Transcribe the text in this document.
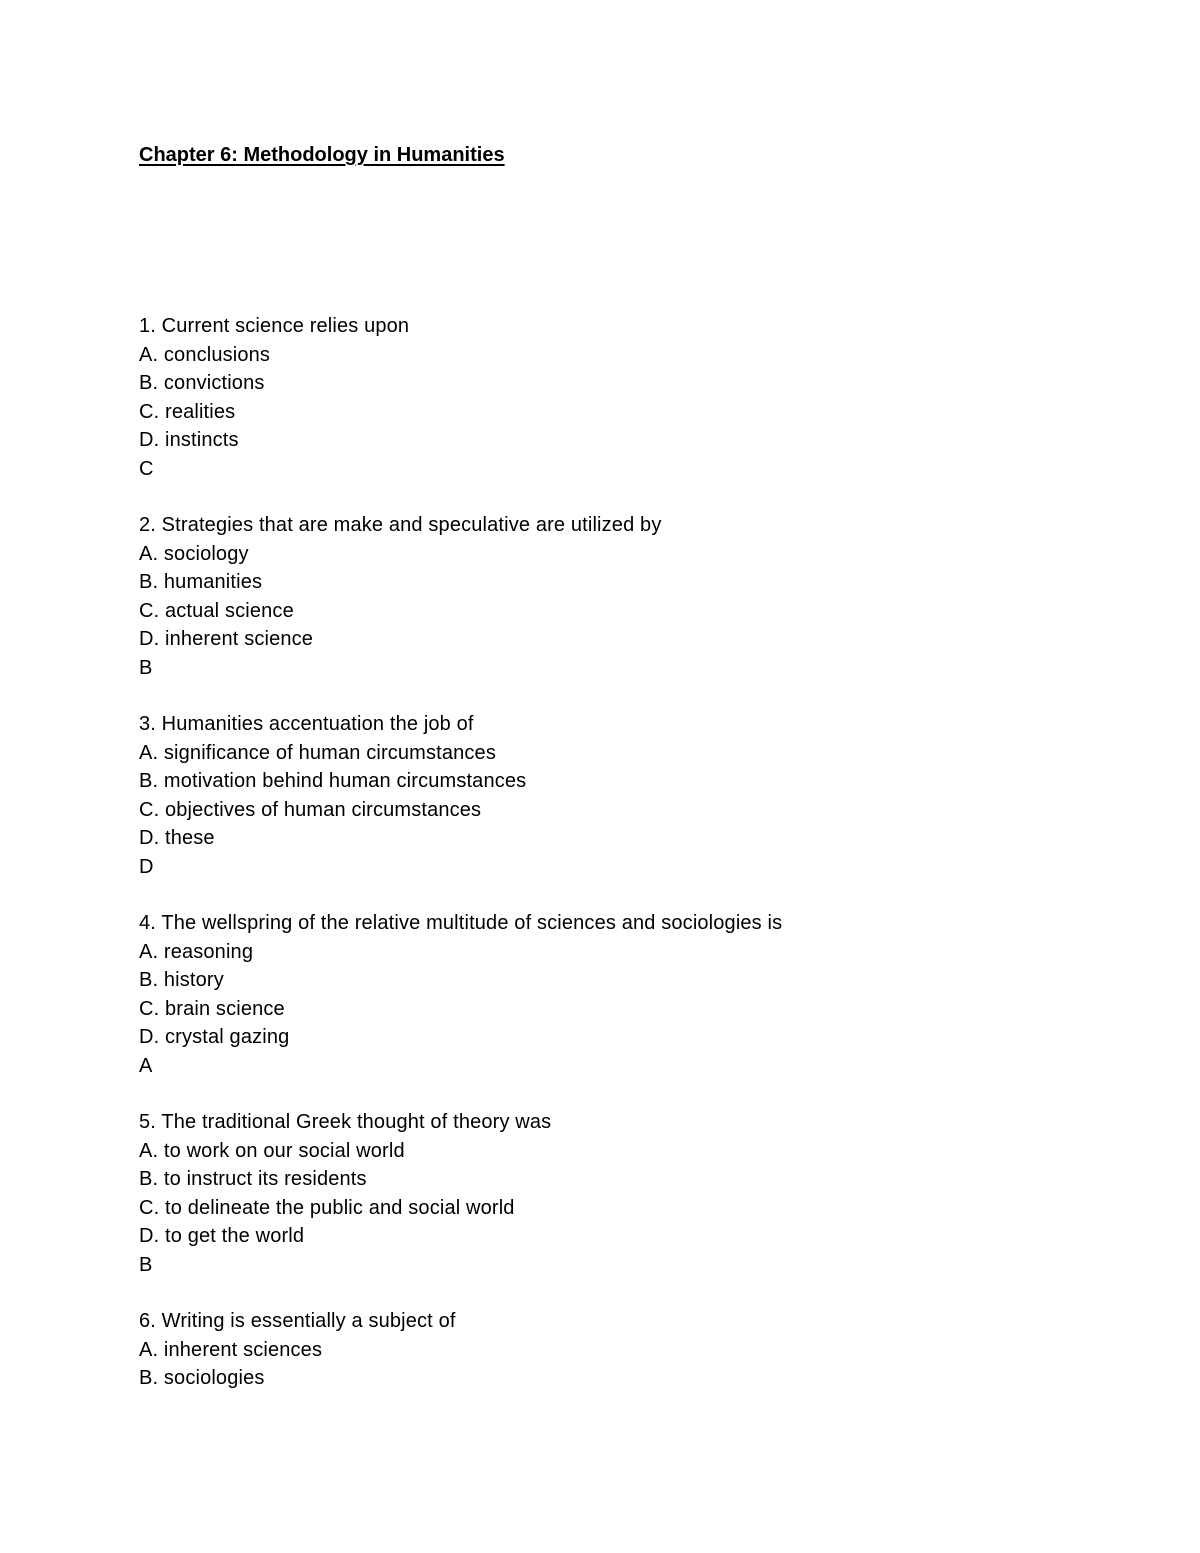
Chapter 6: Methodology in Humanities
1. Current science relies upon
A. conclusions
B. convictions
C. realities
D. instincts
C
2. Strategies that are make and speculative are utilized by
A. sociology
B. humanities
C. actual science
D. inherent science
B
3. Humanities accentuation the job of
A. significance of human circumstances
B. motivation behind human circumstances
C. objectives of human circumstances
D. these
D
4. The wellspring of the relative multitude of sciences and sociologies is
A. reasoning
B. history
C. brain science
D. crystal gazing
A
5. The traditional Greek thought of theory was
A. to work on our social world
B. to instruct its residents
C. to delineate the public and social world
D. to get the world
B
6. Writing is essentially a subject of
A. inherent sciences
B. sociologies
